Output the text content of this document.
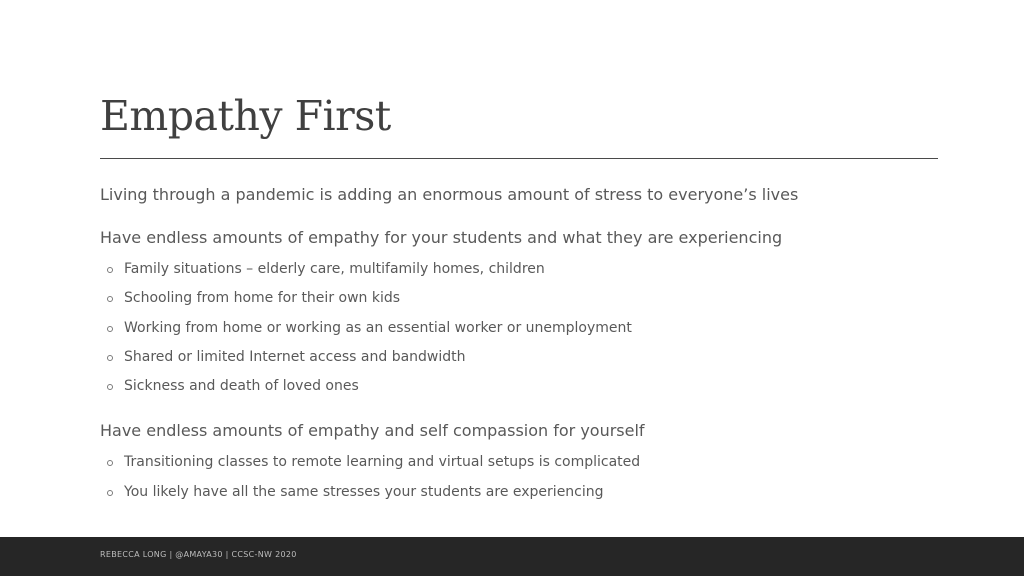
Empathy First

Living through a pandemic is adding an enormous amount of stress to everyone’s lives

Have endless amounts of empathy for your students and what they are experiencing

Family situations – elderly care, multifamily homes, children
Schooling from home for their own kids
Working from home or working as an essential worker or unemployment
Shared or limited Internet access and bandwidth
Sickness and death of loved ones

Have endless amounts of empathy and self compassion for yourself

Transitioning classes to remote learning and virtual setups is complicated
You likely have all the same stresses your students are experiencing
REBECCA LONG | @AMAYA30 | CCSC-NW 2020
